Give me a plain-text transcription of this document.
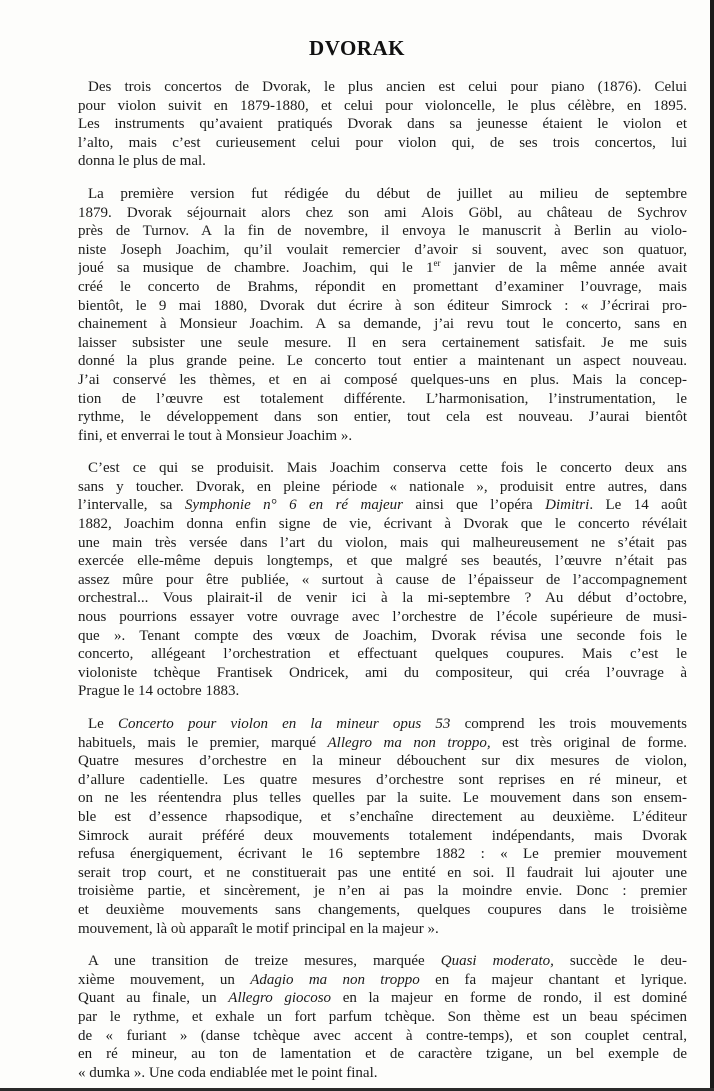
DVORAK

Des trois concertos de Dvorak, le plus ancien est celui pour piano (1876). Celui
pour violon suivit en 1879-1880, et celui pour violoncelle, le plus célèbre, en 1895.
Les instruments qu’avaient pratiqués Dvorak dans sa jeunesse étaient le violon et
l’alto, mais c’est curieusement celui pour violon qui, de ses trois concertos, lui
donna le plus de mal.

La première version fut rédigée du début de juillet au milieu de septembre
1879. Dvorak séjournait alors chez son ami Alois Göbl, au château de Sychrov
près de Turnov. A la fin de novembre, il envoya le manuscrit à Berlin au violo-
niste Joseph Joachim, qu’il voulait remercier d’avoir si souvent, avec son quatuor,
joué sa musique de chambre. Joachim, qui le 1er janvier de la même année avait
créé le concerto de Brahms, répondit en promettant d’examiner l’ouvrage, mais
bientôt, le 9 mai 1880, Dvorak dut écrire à son éditeur Simrock : « J’écrirai pro-
chainement à Monsieur Joachim. A sa demande, j’ai revu tout le concerto, sans en
laisser subsister une seule mesure. Il en sera certainement satisfait. Je me suis
donné la plus grande peine. Le concerto tout entier a maintenant un aspect nouveau.
J’ai conservé les thèmes, et en ai composé quelques-uns en plus. Mais la concep-
tion de l’œuvre est totalement différente. L’harmonisation, l’instrumentation, le
rythme, le développement dans son entier, tout cela est nouveau. J’aurai bientôt
fini, et enverrai le tout à Monsieur Joachim ».

C’est ce qui se produisit. Mais Joachim conserva cette fois le concerto deux ans
sans y toucher. Dvorak, en pleine période « nationale », produisit entre autres, dans
l’intervalle, sa Symphonie n° 6 en ré majeur ainsi que l’opéra Dimitri. Le 14 août
1882, Joachim donna enfin signe de vie, écrivant à Dvorak que le concerto révélait
une main très versée dans l’art du violon, mais qui malheureusement ne s’était pas
exercée elle-même depuis longtemps, et que malgré ses beautés, l’œuvre n’était pas
assez mûre pour être publiée, « surtout à cause de l’épaisseur de l’accompagnement
orchestral... Vous plairait-il de venir ici à la mi-septembre ? Au début d’octobre,
nous pourrions essayer votre ouvrage avec l’orchestre de l’école supérieure de musi-
que ». Tenant compte des vœux de Joachim, Dvorak révisa une seconde fois le
concerto, allégeant l’orchestration et effectuant quelques coupures. Mais c’est le
violoniste tchèque Frantisek Ondricek, ami du compositeur, qui créa l’ouvrage à
Prague le 14 octobre 1883.

Le Concerto pour violon en la mineur opus 53 comprend les trois mouvements
habituels, mais le premier, marqué Allegro ma non troppo, est très original de forme.
Quatre mesures d’orchestre en la mineur débouchent sur dix mesures de violon,
d’allure cadentielle. Les quatre mesures d’orchestre sont reprises en ré mineur, et
on ne les réentendra plus telles quelles par la suite. Le mouvement dans son ensem-
ble est d’essence rhapsodique, et s’enchaîne directement au deuxième. L’éditeur
Simrock aurait préféré deux mouvements totalement indépendants, mais Dvorak
refusa énergiquement, écrivant le 16 septembre 1882 : « Le premier mouvement
serait trop court, et ne constituerait pas une entité en soi. Il faudrait lui ajouter une
troisième partie, et sincèrement, je n’en ai pas la moindre envie. Donc : premier
et deuxième mouvements sans changements, quelques coupures dans le troisième
mouvement, là où apparaît le motif principal en la majeur ».

A une transition de treize mesures, marquée Quasi moderato, succède le deu-
xième mouvement, un Adagio ma non troppo en fa majeur chantant et lyrique.
Quant au finale, un Allegro giocoso en la majeur en forme de rondo, il est dominé
par le rythme, et exhale un fort parfum tchèque. Son thème est un beau spécimen
de « furiant » (danse tchèque avec accent à contre-temps), et son couplet central,
en ré mineur, au ton de lamentation et de caractère tzigane, un bel exemple de
« dumka ». Une coda endiablée met le point final.
